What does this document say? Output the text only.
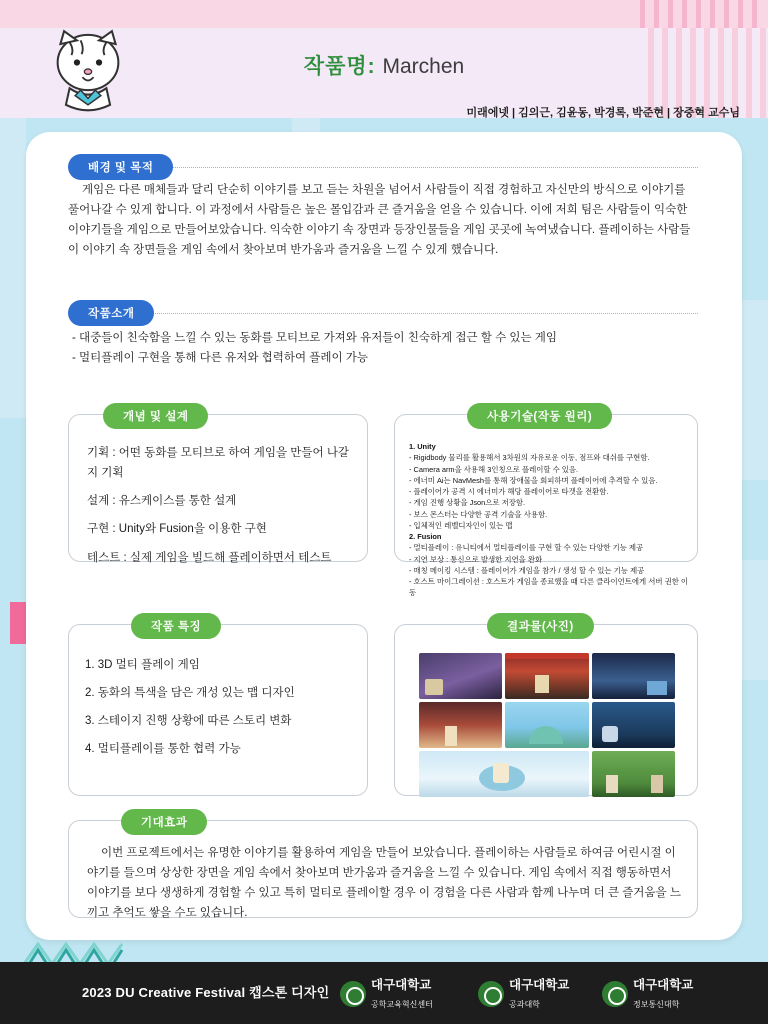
작품명: Marchen
미래에넷 | 김의근, 김윤동, 박경록, 박준현 | 장중혁 교수님
배경 및 목적
게임은 다른 매체들과 달리 단순히 이야기를 보고 듣는 차원을 넘어서 사람들이 직접 경험하고 자신만의 방식으로 이야기를 풀어나갈 수 있게 합니다. 이 과정에서 사람들은 높은 몰입감과 큰 즐거움을 얻을 수 있습니다. 이에 저희 팀은 사람들이 익숙한 이야기들을 게임으로 만들어보았습니다. 익숙한 이야기 속 장면과 등장인물들을 게임 곳곳에 녹여냈습니다. 플레이하는 사람들이 이야기 속 장면들을 게임 속에서 찾아보며 반가움과 즐거움을 느낄 수 있게 했습니다.
작품소개
- 대중들이 친숙함을 느낄 수 있는 동화를 모티브로 가져와 유저들이 친숙하게 접근 할 수 있는 게임
- 멀티플레이 구현을 통해 다른 유저와 협력하여 플레이 가능
개념 및 설계
기획 : 어떤 동화를 모티브로 하여 게임을 만들어 나갈지 기획
설계 : 유스케이스를 통한 설계
구현 : Unity와 Fusion을 이용한 구현
테스트 : 실제 게임을 빌드해 플레이하면서 테스트
사용기술(작동 원리)
1. Unity
- Rigidbody 물리를 활용해서 3차원의 자유로운 이동, 점프와 대쉬를 구현함.
- Camera arm을 사용해 3인칭으로 플레이할 수 있음.
- 에너미 Ai는 NavMesh를 통해 장애물을 회피하며 플레이어에 추격할 수 있음.
- 플레이어가 공격 시 에너미가 해당 플레이어로 타겟을 전환함.
- 게임 진행 상황을 Json으로 저장함.
- 보스 몬스터는 다양한 공격 기술을 사용함.
- 입체적인 레벨디자인이 있는 맵
2. Fusion
- 멀티플레이 : 유니티에서 멀티플레이를 구현 할 수 있는 다양한 기능 제공
- 지연 보상 : 통신으로 발생한 지연을 완화
- 매칭 메이킹 시스템 : 플레이어가 게임을 참가 / 생성 할 수 있는 기능 제공
- 호스트 마이그레이션 : 호스트가 게임을 종료했을 때 다른 클라이언트에게 서버 권한 이동
작품 특징
1. 3D 멀티 플레이 게임
2. 동화의 특색을 담은 개성 있는 맵 디자인
3. 스테이지 진행 상황에 따른 스토리 변화
4. 멀티플레이를 통한 협력 가능
결과물(사진)
기대효과
이번 프로젝트에서는 유명한 이야기를 활용하여 게임을 만들어 보았습니다. 플레이하는 사람들로 하여금 어린시절 이야기를 들으며 상상한 장면을 게임 속에서 찾아보며 반가움과 즐거움을 느낄 수 있습니다. 게임 속에서 직접 행동하면서 이야기를 보다 생생하게 경험할 수 있고 특히 멀티로 플레이할 경우 이 경험을 다른 사람과 함께 나누며 더 큰 즐거움을 느끼고 추억도 쌓을 수도 있습니다.
2023 DU Creative Festival 캡스톤 디자인	대구대학교
공학교육혁신센터
대구대학교
공과대학
대구대학교
정보통신대학
